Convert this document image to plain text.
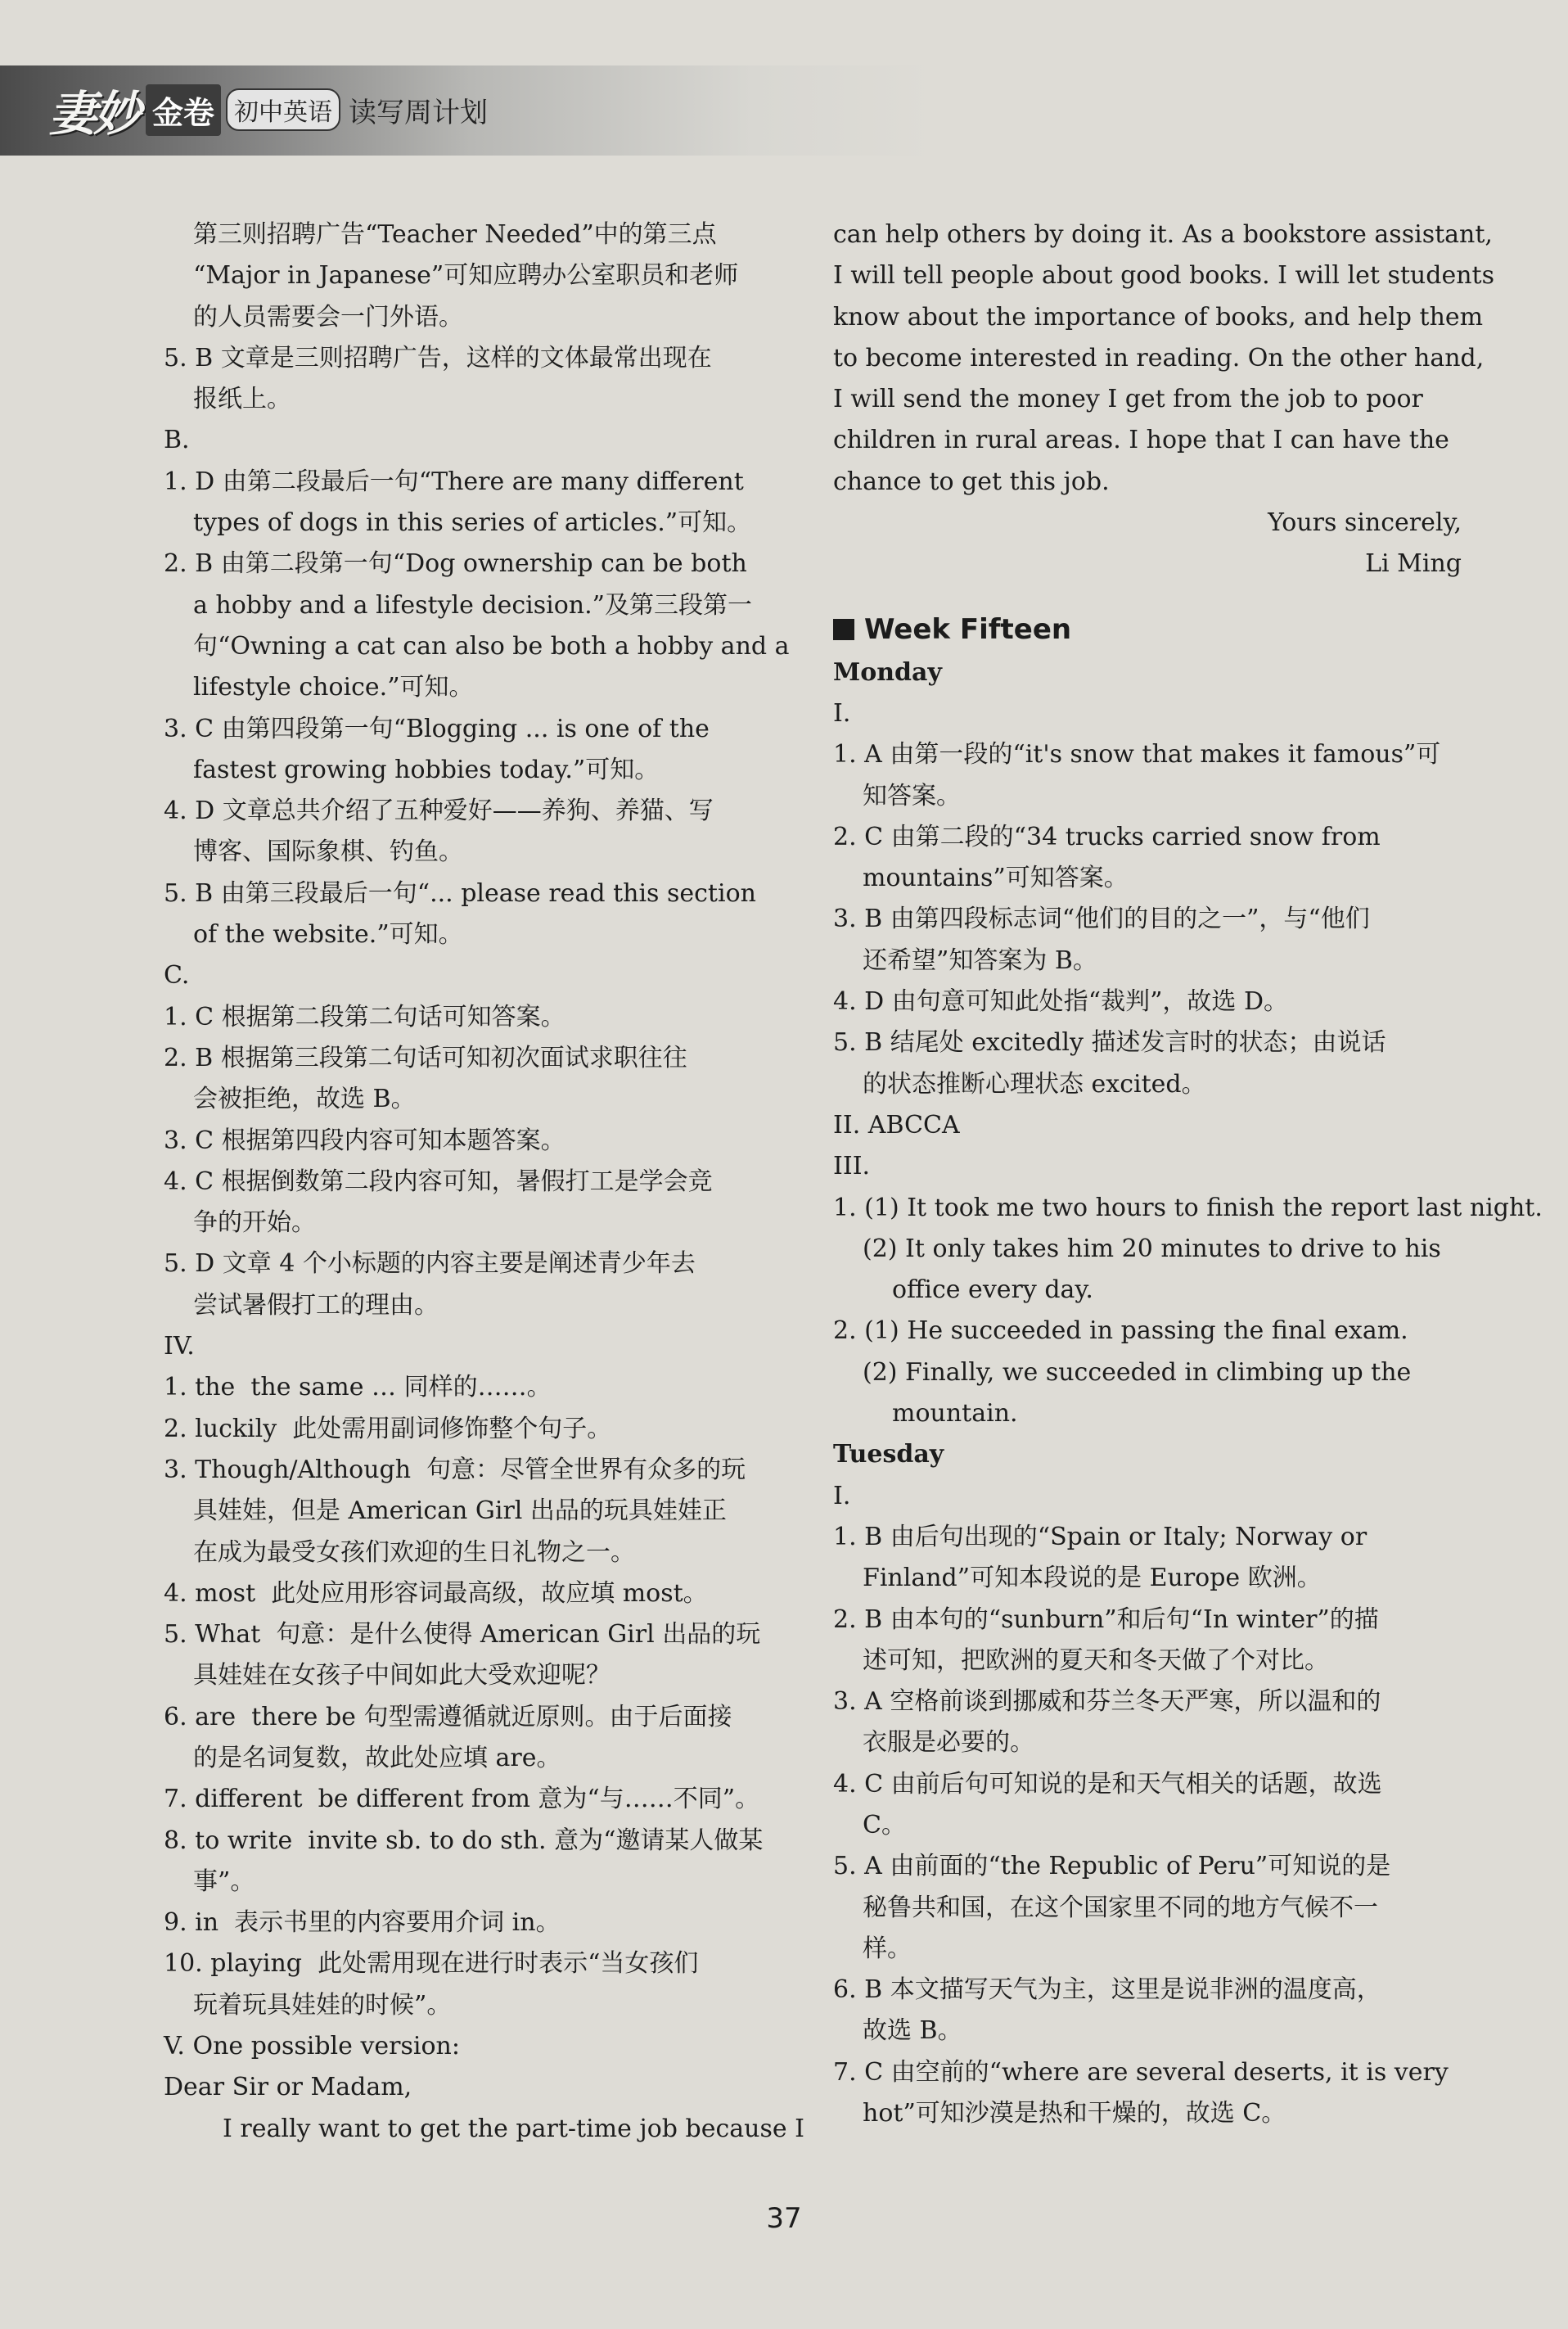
妻妙 金卷 初中英语 读写周计划
第三则招聘广告“Teacher Needed”中的第三点
“Major in Japanese”可知应聘办公室职员和老师
的人员需要会一门外语。
5. B 文章是三则招聘广告，这样的文体最常出现在
报纸上。
B.
1. D 由第二段最后一句“There are many different
types of dogs in this series of articles.”可知。
2. B 由第二段第一句“Dog ownership can be both
a hobby and a lifestyle decision.”及第三段第一
句“Owning a cat can also be both a hobby and a
lifestyle choice.”可知。
3. C 由第四段第一句“Blogging ... is one of the
fastest growing hobbies today.”可知。
4. D 文章总共介绍了五种爱好——养狗、养猫、写
博客、国际象棋、钓鱼。
5. B 由第三段最后一句“... please read this section
of the website.”可知。
C.
1. C 根据第二段第二句话可知答案。
2. B 根据第三段第二句话可知初次面试求职往往
会被拒绝，故选 B。
3. C 根据第四段内容可知本题答案。
4. C 根据倒数第二段内容可知，暑假打工是学会竞
争的开始。
5. D 文章 4 个小标题的内容主要是阐述青少年去
尝试暑假打工的理由。
IV.
1. the  the same … 同样的……。
2. luckily  此处需用副词修饰整个句子。
3. Though/Although  句意：尽管全世界有众多的玩
具娃娃，但是 American Girl 出品的玩具娃娃正
在成为最受女孩们欢迎的生日礼物之一。
4. most  此处应用形容词最高级，故应填 most。
5. What  句意：是什么使得 American Girl 出品的玩
具娃娃在女孩子中间如此大受欢迎呢？
6. are  there be 句型需遵循就近原则。由于后面接
的是名词复数，故此处应填 are。
7. different  be different from 意为“与……不同”。
8. to write  invite sb. to do sth. 意为“邀请某人做某
事”。
9. in  表示书里的内容要用介词 in。
10. playing  此处需用现在进行时表示“当女孩们
玩着玩具娃娃的时候”。
V. One possible version:
Dear Sir or Madam,
I really want to get the part-time job because I
can help others by doing it. As a bookstore assistant,
I will tell people about good books. I will let students
know about the importance of books, and help them
to become interested in reading. On the other hand,
I will send the money I get from the job to poor
children in rural areas. I hope that I can have the
chance to get this job.
Yours sincerely,
Li Ming
Week Fifteen
Monday
I.
1. A 由第一段的“it's snow that makes it famous”可
知答案。
2. C 由第二段的“34 trucks carried snow from
mountains”可知答案。
3. B 由第四段标志词“他们的目的之一”，与“他们
还希望”知答案为 B。
4. D 由句意可知此处指“裁判”，故选 D。
5. B 结尾处 excitedly 描述发言时的状态；由说话
的状态推断心理状态 excited。
II. ABCCA
III.
1. (1) It took me two hours to finish the report last night.
(2) It only takes him 20 minutes to drive to his
office every day.
2. (1) He succeeded in passing the final exam.
(2) Finally, we succeeded in climbing up the
mountain.
Tuesday
I.
1. B 由后句出现的“Spain or Italy; Norway or
Finland”可知本段说的是 Europe 欧洲。
2. B 由本句的“sunburn”和后句“In winter”的描
述可知，把欧洲的夏天和冬天做了个对比。
3. A 空格前谈到挪威和芬兰冬天严寒，所以温和的
衣服是必要的。
4. C 由前后句可知说的是和天气相关的话题，故选
C。
5. A 由前面的“the Republic of Peru”可知说的是
秘鲁共和国，在这个国家里不同的地方气候不一
样。
6. B 本文描写天气为主，这里是说非洲的温度高，
故选 B。
7. C 由空前的“where are several deserts, it is very
hot”可知沙漠是热和干燥的，故选 C。
37
